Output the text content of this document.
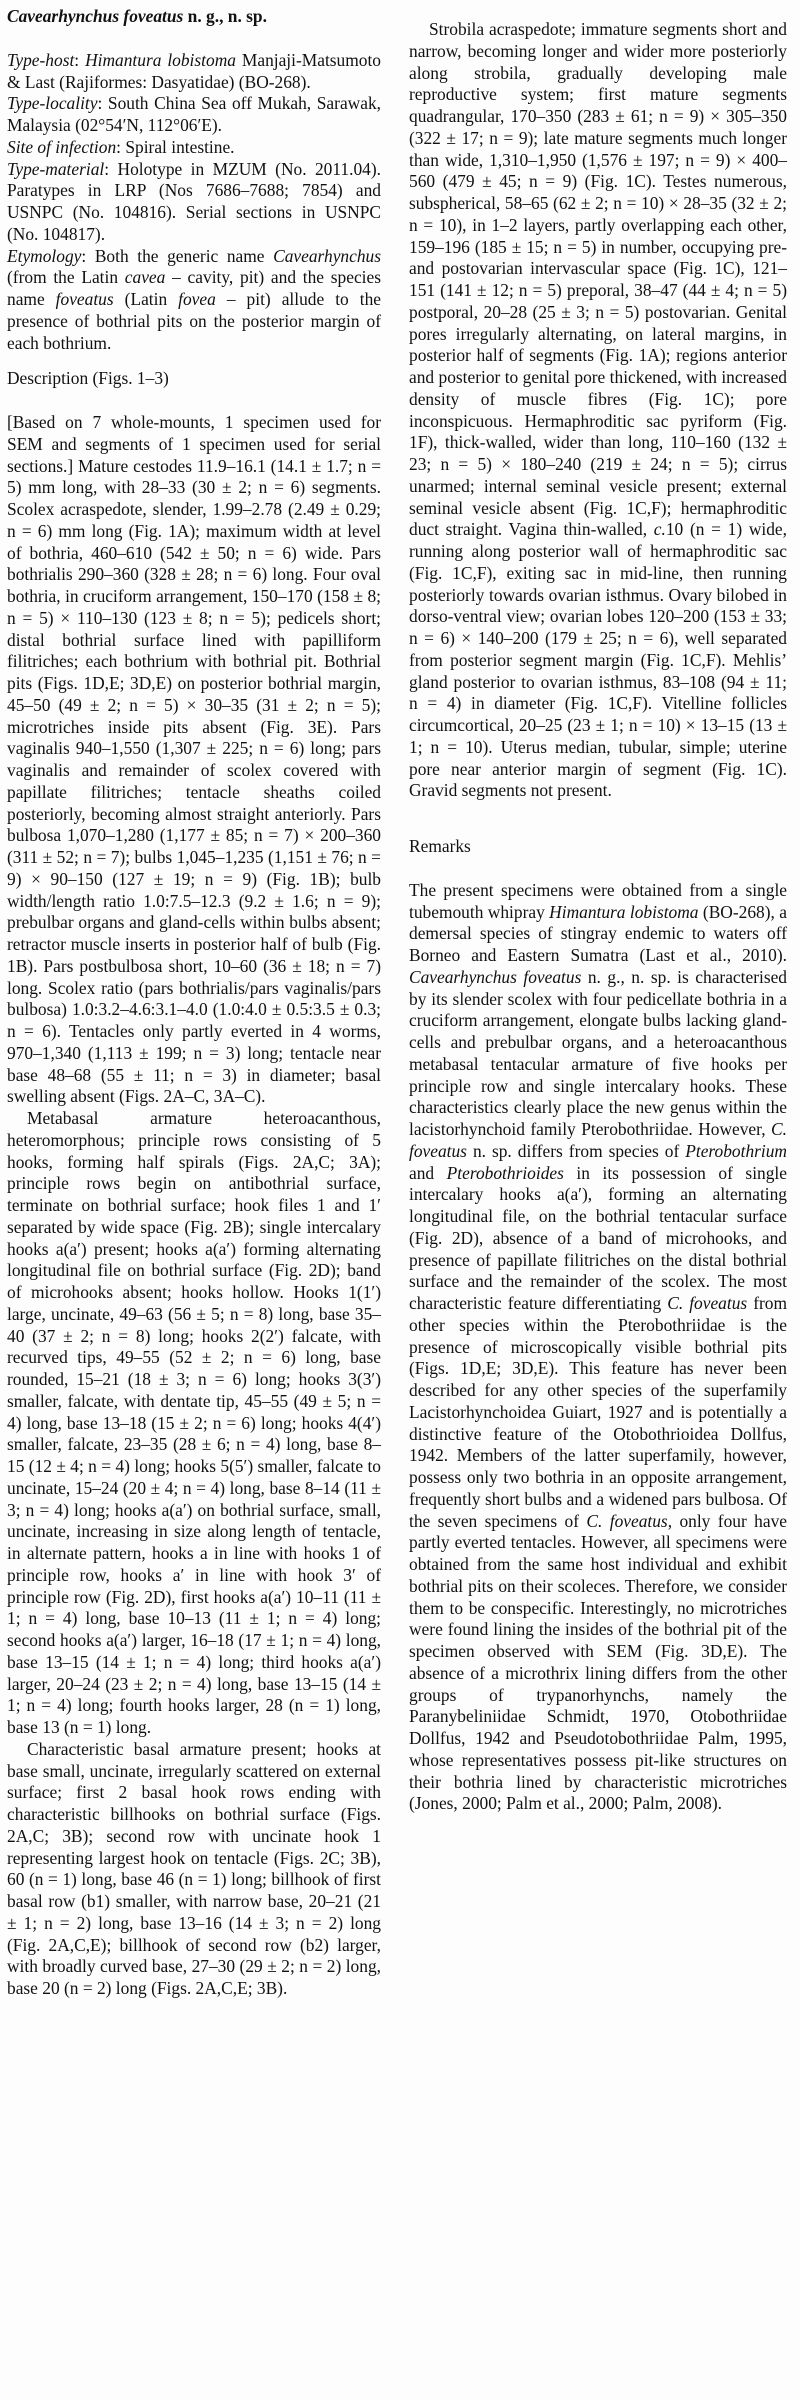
Cavearhynchus foveatus n. g., n. sp.

Type-host: Himantura lobistoma Manjaji-Matsumoto & Last (Rajiformes: Dasyatidae) (BO-268).

Type-locality: South China Sea off Mukah, Sarawak, Malaysia (02°54′N, 112°06′E).

Site of infection: Spiral intestine.

Type-material: Holotype in MZUM (No. 2011.04). Paratypes in LRP (Nos 7686–7688; 7854) and USNPC (No. 104816). Serial sections in USNPC (No. 104817).

Etymology: Both the generic name Cavearhynchus (from the Latin cavea – cavity, pit) and the species name foveatus (Latin fovea – pit) allude to the presence of bothrial pits on the posterior margin of each bothrium.

Description (Figs. 1–3)

[Based on 7 whole-mounts, 1 specimen used for SEM and segments of 1 specimen used for serial sections.] Mature cestodes 11.9–16.1 (14.1 ± 1.7; n = 5) mm long, with 28–33 (30 ± 2; n = 6) segments. Scolex acraspedote, slender, 1.99–2.78 (2.49 ± 0.29; n = 6) mm long (Fig. 1A); maximum width at level of bothria, 460–610 (542 ± 50; n = 6) wide. Pars bothrialis 290–360 (328 ± 28; n = 6) long. Four oval bothria, in cruciform arrangement, 150–170 (158 ± 8; n = 5) × 110–130 (123 ± 8; n = 5); pedicels short; distal bothrial surface lined with papilliform filitriches; each bothrium with bothrial pit. Bothrial pits (Figs. 1D,E; 3D,E) on posterior bothrial margin, 45–50 (49 ± 2; n = 5) × 30–35 (31 ± 2; n = 5); microtriches inside pits absent (Fig. 3E). Pars vaginalis 940–1,550 (1,307 ± 225; n = 6) long; pars vaginalis and remainder of scolex covered with papillate filitriches; tentacle sheaths coiled posteriorly, becoming almost straight anteriorly. Pars bulbosa 1,070–1,280 (1,177 ± 85; n = 7) × 200–360 (311 ± 52; n = 7); bulbs 1,045–1,235 (1,151 ± 76; n = 9) × 90–150 (127 ± 19; n = 9) (Fig. 1B); bulb width/length ratio 1.0:7.5–12.3 (9.2 ± 1.6; n = 9); prebulbar organs and gland-cells within bulbs absent; retractor muscle inserts in posterior half of bulb (Fig. 1B). Pars postbulbosa short, 10–60 (36 ± 18; n = 7) long. Scolex ratio (pars bothrialis/pars vaginalis/pars bulbosa) 1.0:3.2–4.6:3.1–4.0 (1.0:4.0 ± 0.5:3.5 ± 0.3; n = 6). Tentacles only partly everted in 4 worms, 970–1,340 (1,113 ± 199; n = 3) long; tentacle near base 48–68 (55 ± 11; n = 3) in diameter; basal swelling absent (Figs. 2A–C, 3A–C).

Metabasal armature heteroacanthous, heteromorphous; principle rows consisting of 5 hooks, forming half spirals (Figs. 2A,C; 3A); principle rows begin on antibothrial surface, terminate on bothrial surface; hook files 1 and 1′ separated by wide space (Fig. 2B); single intercalary hooks a(a′) present; hooks a(a′) forming alternating longitudinal file on bothrial surface (Fig. 2D); band of microhooks absent; hooks hollow. Hooks 1(1′) large, uncinate, 49–63 (56 ± 5; n = 8) long, base 35–40 (37 ± 2; n = 8) long; hooks 2(2′) falcate, with recurved tips, 49–55 (52 ± 2; n = 6) long, base rounded, 15–21 (18 ± 3; n = 6) long; hooks 3(3′) smaller, falcate, with dentate tip, 45–55 (49 ± 5; n = 4) long, base 13–18 (15 ± 2; n = 6) long; hooks 4(4′) smaller, falcate, 23–35 (28 ± 6; n = 4) long, base 8–15 (12 ± 4; n = 4) long; hooks 5(5′) smaller, falcate to uncinate, 15–24 (20 ± 4; n = 4) long, base 8–14 (11 ± 3; n = 4) long; hooks a(a′) on bothrial surface, small, uncinate, increasing in size along length of tentacle, in alternate pattern, hooks a in line with hooks 1 of principle row, hooks a′ in line with hook 3′ of principle row (Fig. 2D), first hooks a(a′) 10–11 (11 ± 1; n = 4) long, base 10–13 (11 ± 1; n = 4) long; second hooks a(a′) larger, 16–18 (17 ± 1; n = 4) long, base 13–15 (14 ± 1; n = 4) long; third hooks a(a′) larger, 20–24 (23 ± 2; n = 4) long, base 13–15 (14 ± 1; n = 4) long; fourth hooks larger, 28 (n = 1) long, base 13 (n = 1) long.

Characteristic basal armature present; hooks at base small, uncinate, irregularly scattered on external surface; first 2 basal hook rows ending with characteristic billhooks on bothrial surface (Figs. 2A,C; 3B); second row with uncinate hook 1 representing largest hook on tentacle (Figs. 2C; 3B), 60 (n = 1) long, base 46 (n = 1) long; billhook of first basal row (b1) smaller, with narrow base, 20–21 (21 ± 1; n = 2) long, base 13–16 (14 ± 3; n = 2) long (Fig. 2A,C,E); billhook of second row (b2) larger, with broadly curved base, 27–30 (29 ± 2; n = 2) long, base 20 (n = 2) long (Figs. 2A,C,E; 3B).

Strobila acraspedote; immature segments short and narrow, becoming longer and wider more posteriorly along strobila, gradually developing male reproductive system; first mature segments quadrangular, 170–350 (283 ± 61; n = 9) × 305–350 (322 ± 17; n = 9); late mature segments much longer than wide, 1,310–1,950 (1,576 ± 197; n = 9) × 400–560 (479 ± 45; n = 9) (Fig. 1C). Testes numerous, subspherical, 58–65 (62 ± 2; n = 10) × 28–35 (32 ± 2; n = 10), in 1–2 layers, partly overlapping each other, 159–196 (185 ± 15; n = 5) in number, occupying pre- and postovarian intervascular space (Fig. 1C), 121–151 (141 ± 12; n = 5) preporal, 38–47 (44 ± 4; n = 5) postporal, 20–28 (25 ± 3; n = 5) postovarian. Genital pores irregularly alternating, on lateral margins, in posterior half of segments (Fig. 1A); regions anterior and posterior to genital pore thickened, with increased density of muscle fibres (Fig. 1C); pore inconspicuous. Hermaphroditic sac pyriform (Fig. 1F), thick-walled, wider than long, 110–160 (132 ± 23; n = 5) × 180–240 (219 ± 24; n = 5); cirrus unarmed; internal seminal vesicle present; external seminal vesicle absent (Fig. 1C,F); hermaphroditic duct straight. Vagina thin-walled, c.10 (n = 1) wide, running along posterior wall of hermaphroditic sac (Fig. 1C,F), exiting sac in mid-line, then running posteriorly towards ovarian isthmus. Ovary bilobed in dorso-ventral view; ovarian lobes 120–200 (153 ± 33; n = 6) × 140–200 (179 ± 25; n = 6), well separated from posterior segment margin (Fig. 1C,F). Mehlis’ gland posterior to ovarian isthmus, 83–108 (94 ± 11; n = 4) in diameter (Fig. 1C,F). Vitelline follicles circumcortical, 20–25 (23 ± 1; n = 10) × 13–15 (13 ± 1; n = 10). Uterus median, tubular, simple; uterine pore near anterior margin of segment (Fig. 1C). Gravid segments not present.

Remarks

The present specimens were obtained from a single tubemouth whipray Himantura lobistoma (BO-268), a demersal species of stingray endemic to waters off Borneo and Eastern Sumatra (Last et al., 2010). Cavearhynchus foveatus n. g., n. sp. is characterised by its slender scolex with four pedicellate bothria in a cruciform arrangement, elongate bulbs lacking gland-cells and prebulbar organs, and a heteroacanthous metabasal tentacular armature of five hooks per principle row and single intercalary hooks. These characteristics clearly place the new genus within the lacistorhynchoid family Pterobothriidae. However, C. foveatus n. sp. differs from species of Pterobothrium and Pterobothrioides in its possession of single intercalary hooks a(a′), forming an alternating longitudinal file, on the bothrial tentacular surface (Fig. 2D), absence of a band of microhooks, and presence of papillate filitriches on the distal bothrial surface and the remainder of the scolex. The most characteristic feature differentiating C. foveatus from other species within the Pterobothriidae is the presence of microscopically visible bothrial pits (Figs. 1D,E; 3D,E). This feature has never been described for any other species of the superfamily Lacistorhynchoidea Guiart, 1927 and is potentially a distinctive feature of the Otobothrioidea Dollfus, 1942. Members of the latter superfamily, however, possess only two bothria in an opposite arrangement, frequently short bulbs and a widened pars bulbosa. Of the seven specimens of C. foveatus, only four have partly everted tentacles. However, all specimens were obtained from the same host individual and exhibit bothrial pits on their scoleces. Therefore, we consider them to be conspecific. Interestingly, no microtriches were found lining the insides of the bothrial pit of the specimen observed with SEM (Fig. 3D,E). The absence of a microthrix lining differs from the other groups of trypanorhynchs, namely the Paranybeliniidae Schmidt, 1970, Otobothriidae Dollfus, 1942 and Pseudotobothriidae Palm, 1995, whose representatives possess pit-like structures on their bothria lined by characteristic microtriches (Jones, 2000; Palm et al., 2000; Palm, 2008).
